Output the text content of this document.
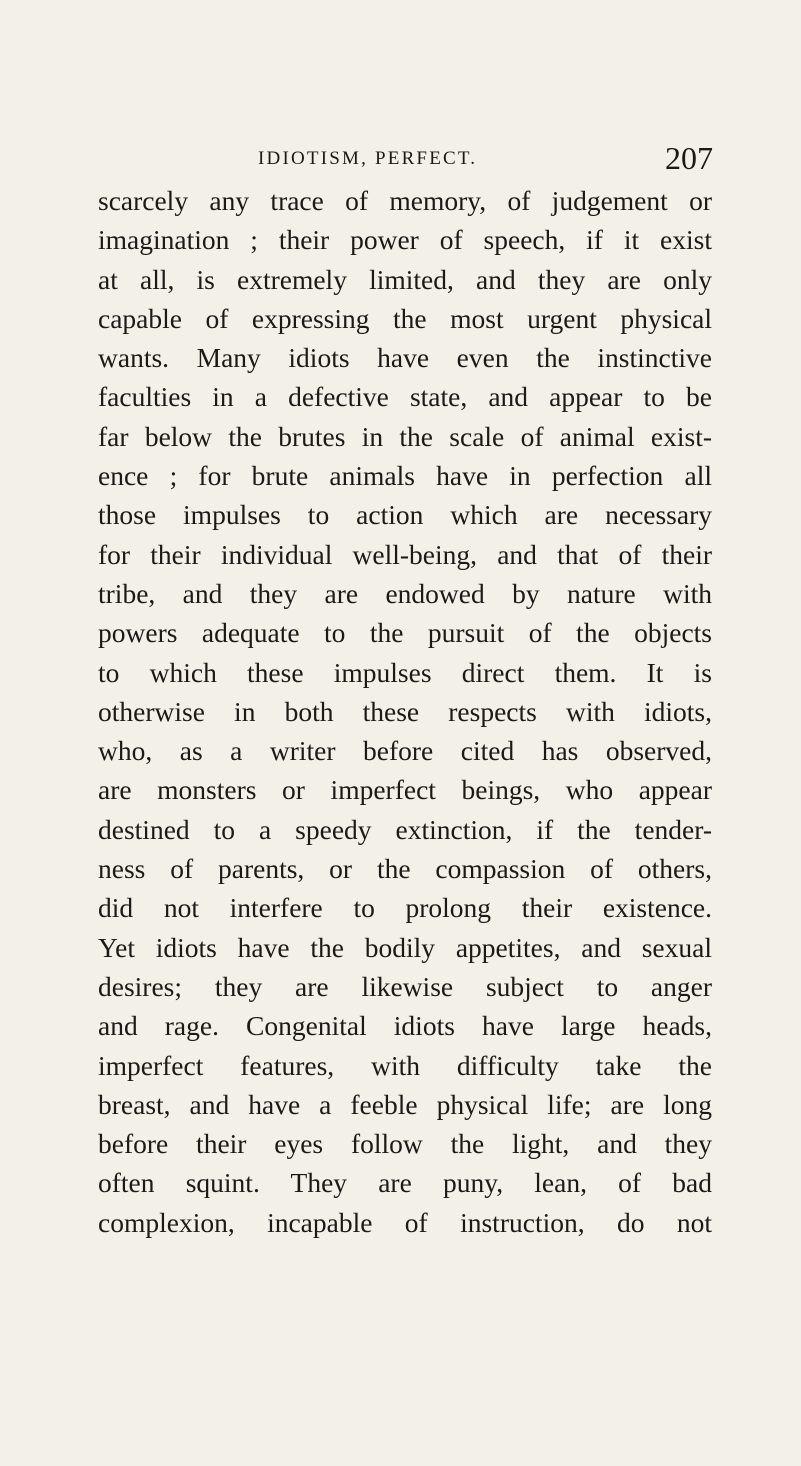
IDIOTISM, PERFECT.	207
scarcely any trace of memory, of judgement or
imagination ; their power of speech, if it exist
at all, is extremely limited, and they are only
capable of expressing the most urgent physical
wants. Many idiots have even the instinctive
faculties in a defective state, and appear to be
far below the brutes in the scale of animal exist-
ence ; for brute animals have in perfection all
those impulses to action which are necessary
for their individual well-being, and that of their
tribe, and they are endowed by nature with
powers adequate to the pursuit of the objects
to which these impulses direct them. It is
otherwise in both these respects with idiots,
who, as a writer before cited has observed,
are monsters or imperfect beings, who appear
destined to a speedy extinction, if the tender-
ness of parents, or the compassion of others,
did not interfere to prolong their existence.
Yet idiots have the bodily appetites, and sexual
desires; they are likewise subject to anger
and rage. Congenital idiots have large heads,
imperfect features, with difficulty take the
breast, and have a feeble physical life; are long
before their eyes follow the light, and they
often squint. They are puny, lean, of bad
complexion, incapable of instruction, do not
